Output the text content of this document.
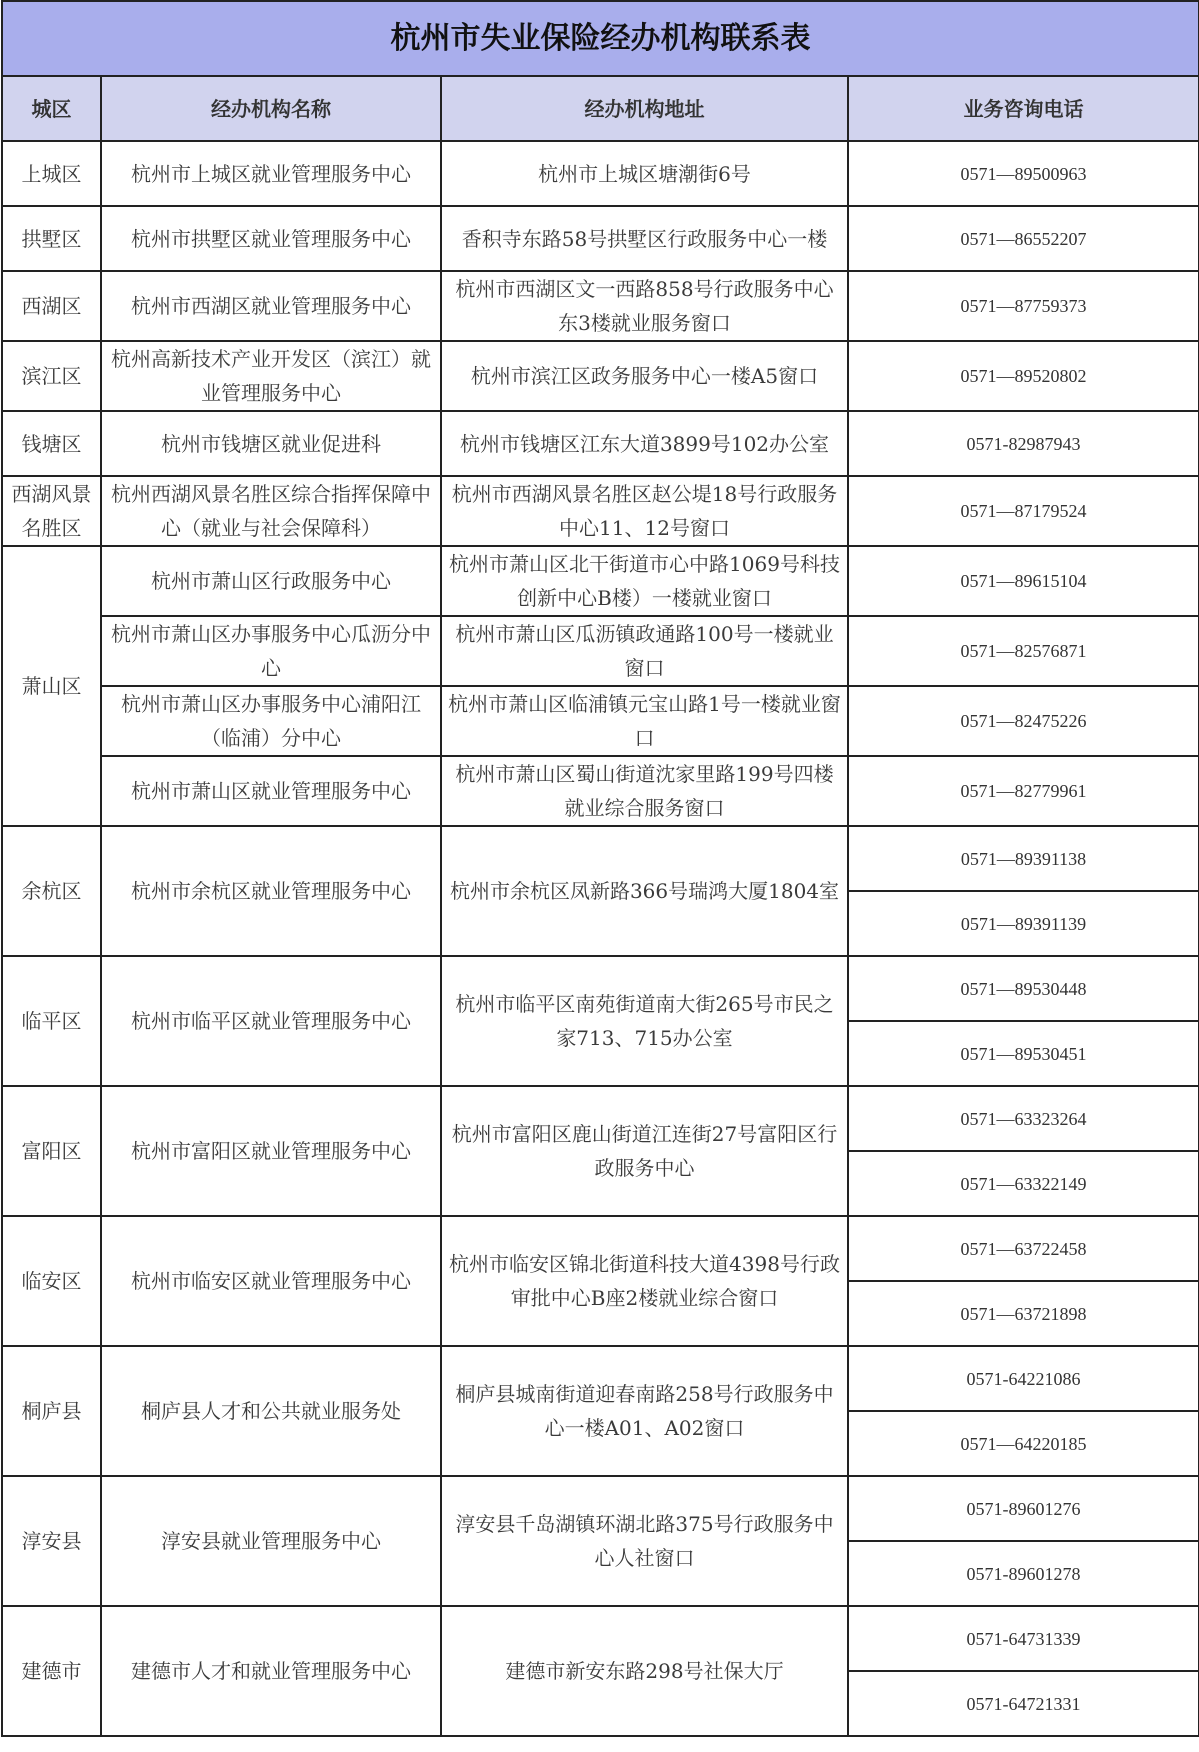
杭州市失业保险经办机构联系表			
城区	经办机构名称	经办机构地址	业务咨询电话
上城区	杭州市上城区就业管理服务中心	杭州市上城区塘潮街6号	0571—89500963
拱墅区	杭州市拱墅区就业管理服务中心	香积寺东路58号拱墅区行政服务中心一楼	0571—86552207
西湖区	杭州市西湖区就业管理服务中心	杭州市西湖区文一西路858号行政服务中心东3楼就业服务窗口	0571—87759373
滨江区	杭州高新技术产业开发区（滨江）就业管理服务中心	杭州市滨江区政务服务中心一楼A5窗口	0571—89520802
钱塘区	杭州市钱塘区就业促进科	杭州市钱塘区江东大道3899号102办公室	0571-82987943
西湖风景名胜区	杭州西湖风景名胜区综合指挥保障中心（就业与社会保障科）	杭州市西湖风景名胜区赵公堤18号行政服务中心11、12号窗口	0571—87179524
萧山区	杭州市萧山区行政服务中心	杭州市萧山区北干街道市心中路1069号科技创新中心B楼）一楼就业窗口	0571—89615104
	杭州市萧山区办事服务中心瓜沥分中心	杭州市萧山区瓜沥镇政通路100号一楼就业窗口	0571—82576871
	杭州市萧山区办事服务中心浦阳江（临浦）分中心	杭州市萧山区临浦镇元宝山路1号一楼就业窗口	0571—82475226
	杭州市萧山区就业管理服务中心	杭州市萧山区蜀山街道沈家里路199号四楼就业综合服务窗口	0571—82779961
余杭区	杭州市余杭区就业管理服务中心	杭州市余杭区凤新路366号瑞鸿大厦1804室	0571—89391138
			0571—89391139
临平区	杭州市临平区就业管理服务中心	杭州市临平区南苑街道南大街265号市民之家713、715办公室	0571—89530448
			0571—89530451
富阳区	杭州市富阳区就业管理服务中心	杭州市富阳区鹿山街道江连街27号富阳区行政服务中心	0571—63323264
			0571—63322149
临安区	杭州市临安区就业管理服务中心	杭州市临安区锦北街道科技大道4398号行政审批中心B座2楼就业综合窗口	0571—63722458
			0571—63721898
桐庐县	桐庐县人才和公共就业服务处	桐庐县城南街道迎春南路258号行政服务中心一楼A01、A02窗口	0571-64221086
			0571—64220185
淳安县	淳安县就业管理服务中心	淳安县千岛湖镇环湖北路375号行政服务中心人社窗口	0571-89601276
			0571-89601278
建德市	建德市人才和就业管理服务中心	建德市新安东路298号社保大厅	0571-64731339
			0571-64721331
